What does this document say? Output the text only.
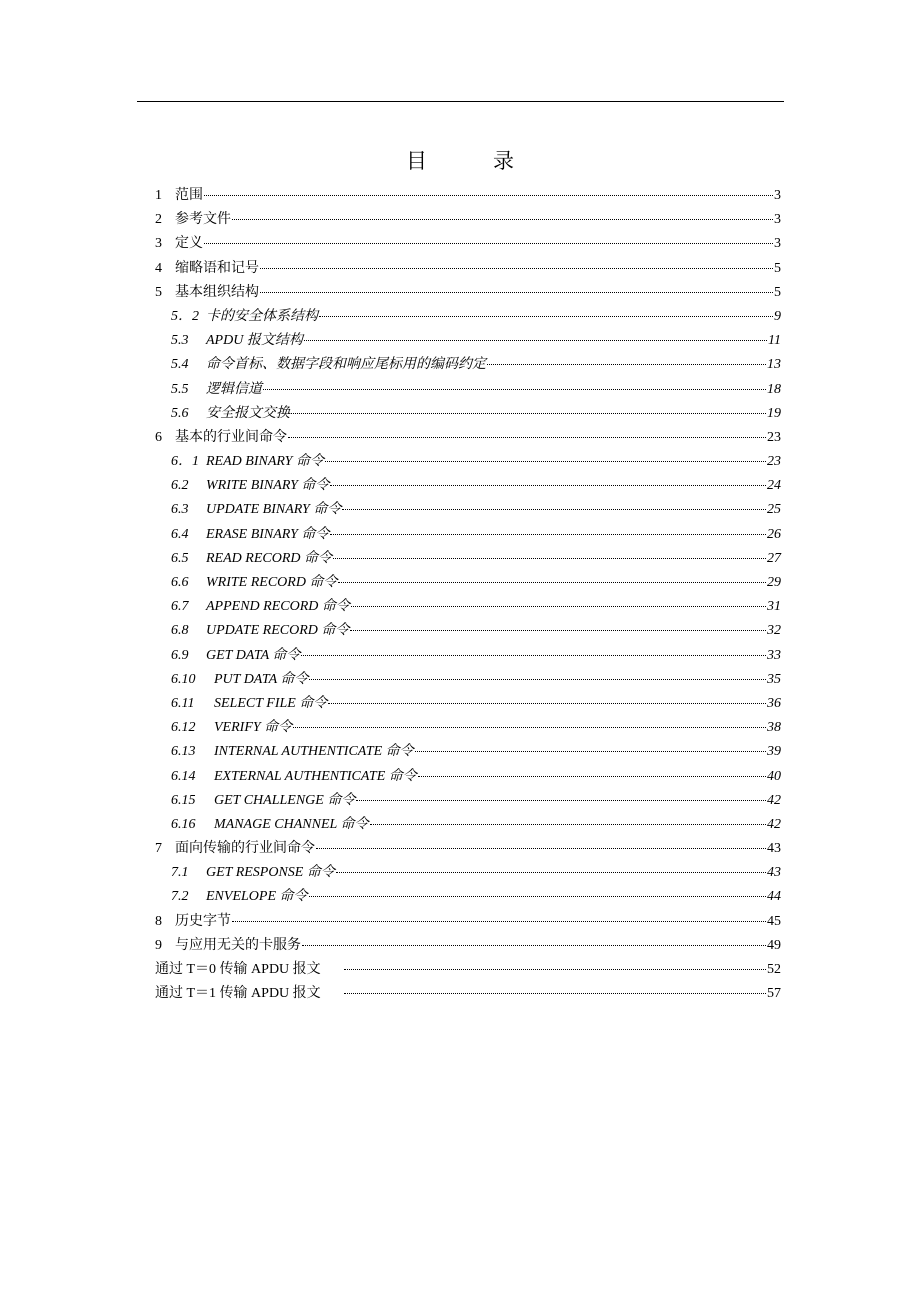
目	录
1 范围	3
2 参考文件	3
3 定义	3
4 缩略语和记号	5
5 基本组织结构	5
5．2 卡的安全体系结构	9
5.3	APDU 报文结构	11
5.4	命令首标、数据字段和响应尾标用的编码约定	13
5.5	逻辑信道	18
5.6	安全报文交换	19
6 基本的行业间命令	23
6．1 READ BINARY 命令	23
6.2	WRITE BINARY 命令	24
6.3	UPDATE BINARY 命令	25
6.4	ERASE BINARY 命令	26
6.5	READ RECORD 命令	27
6.6	WRITE RECORD 命令	29
6.7	APPEND RECORD 命令	31
6.8	UPDATE RECORD 命令	32
6.9	GET DATA 命令	33
6.10	PUT DATA 命令	35
6.11	SELECT FILE 命令	36
6.12	VERIFY 命令	38
6.13	INTERNAL AUTHENTICATE 命令	39
6.14	EXTERNAL AUTHENTICATE 命令	40
6.15	GET CHALLENGE 命令	42
6.16	MANAGE CHANNEL 命令	42
7 面向传输的行业间命令	43
7.1	GET RESPONSE 命令	43
7.2	ENVELOPE 命令	44
8 历史字节	45
9 与应用无关的卡服务	49
通过 T＝0 传输 APDU 报文	52
通过 T＝1 传输 APDU 报文	57
